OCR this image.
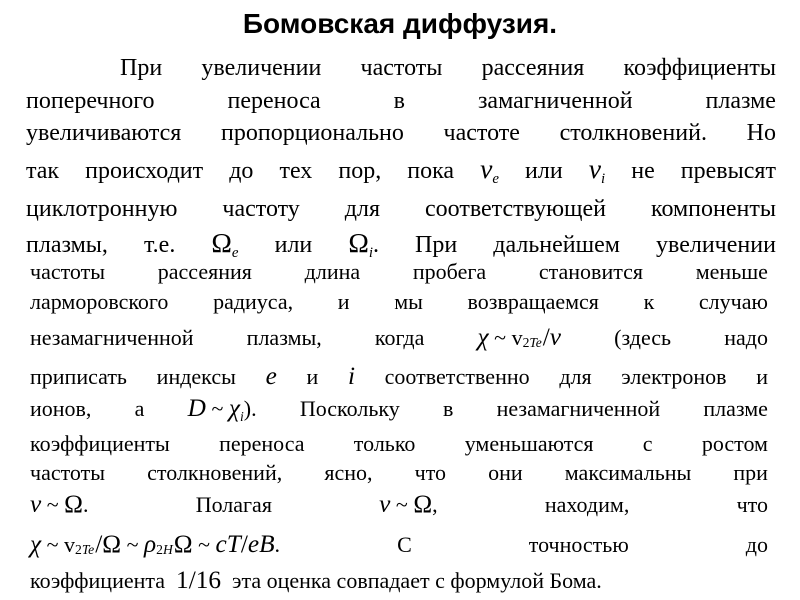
Бомовская диффузия.
При увеличении частоты рассеяния коэффициенты
поперечного	переноса	в	замагниченной	плазме
увеличиваются пропорционально частоте столкновений. Но
так происходит до тех пор, пока νe или νi не превысят
циклотронную частоту для соответствующей компоненты
плазмы, т.е. Ωe или Ωi. При дальнейшем увеличении
частоты рассеяния длина пробега становится меньше
ларморовского радиуса, и мы возвращаемся к случаю
незамагниченной плазмы, когда χ ~ v2Te/ν (здесь надо
приписать индексы e и i соответственно для электронов и
ионов, а D ~ χi). Поскольку в незамагниченной плазме
коэффициенты переноса только уменьшаются с ростом
частоты столкновений, ясно, что они максимальны при
ν ~ Ω.	Полагая	ν ~ Ω,	находим,	что
χ ~ v2Te/Ω ~ ρ2HΩ ~ cT/eB.	С	точностью	до
коэффициента
1/16
эта оценка совпадает с формулой Бома.
